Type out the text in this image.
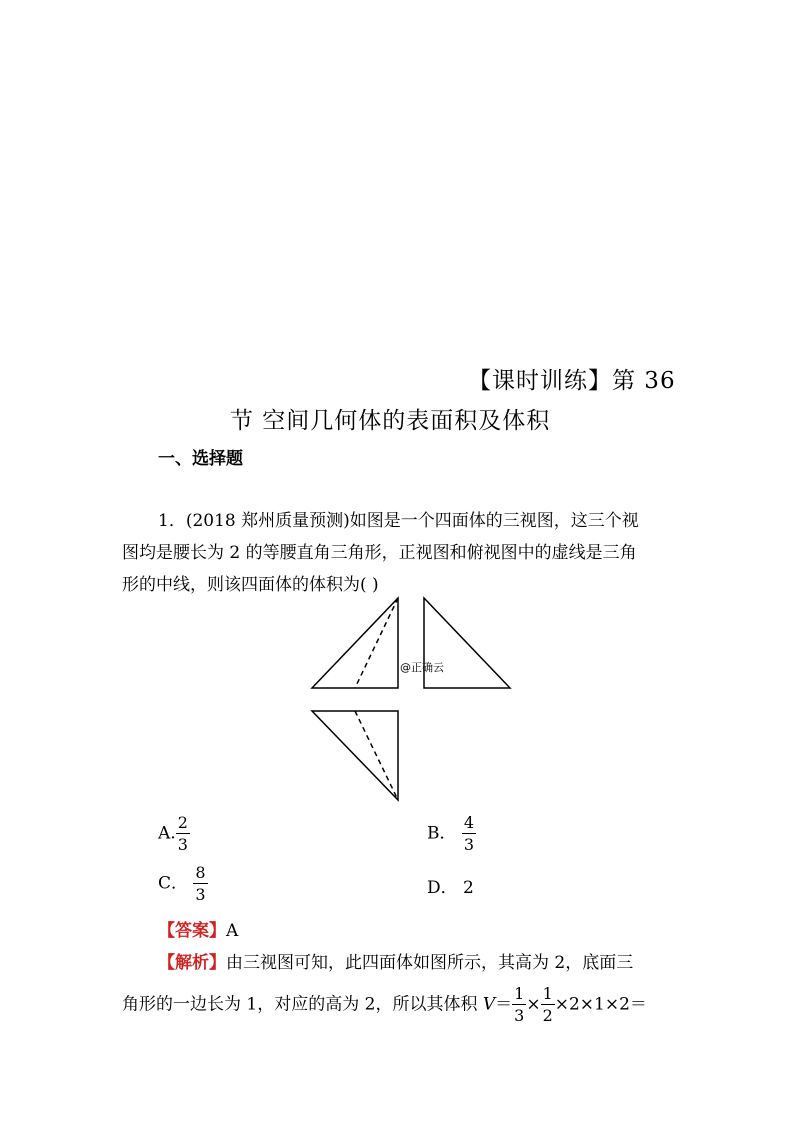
【课时训练】第 36
节 空间几何体的表面积及体积
一、选择题
1．(2018 郑州质量预测)如图是一个四面体的三视图，这三个视
图均是腰长为 2 的等腰直角三角形，正视图和俯视图中的虚线是三角
形的中线，则该四面体的体积为( )
@正确云
A. $\frac{2}{3}$	B． $\frac{4}{3}$
C． $\frac{8}{3}$	D． 2
【答案】A
【解析】由三视图可知，此四面体如图所示，其高为 2，底面三
角形的一边长为 1，对应的高为 2，所以其体积 $V= \frac{1}{3} \times \frac{1}{2} \times 2\times 1\times 2=$
